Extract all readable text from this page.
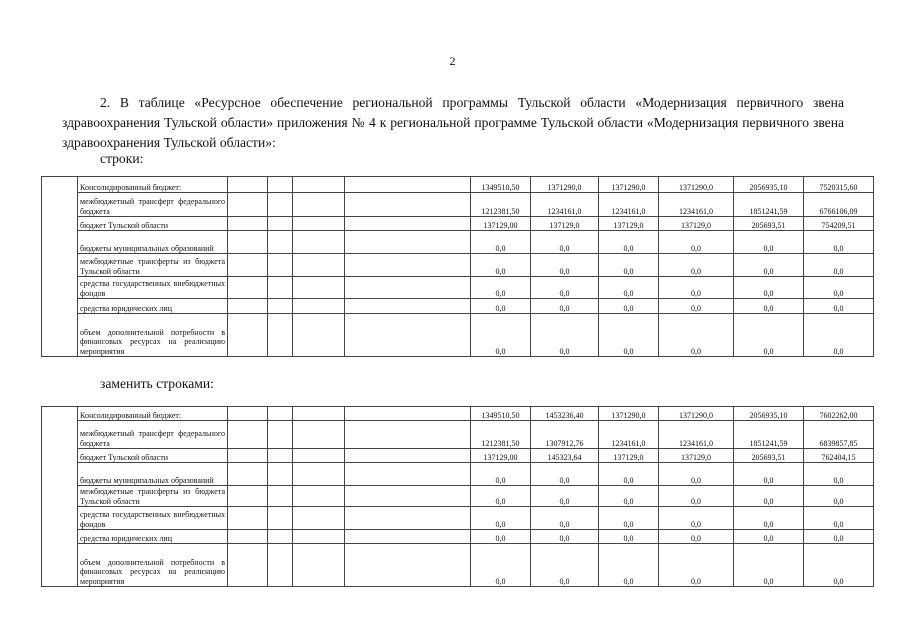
2

2. В таблице «Ресурсное обеспечение региональной программы Тульской области «Модернизация первичного звена здравоохранения Тульской области» приложения № 4 к региональной программе Тульской области «Модернизация первичного звена здравоохранения Тульской области»:

строки:
	Консолидированный бюджет:					1349510,50	1371290,0	1371290,0	1371290,0	2056935,10	7520315,60
	межбюджетный трансферт федерального бюджета					1212381,50	1234161,0	1234161,0	1234161,0	1851241,59	6766106,09
	бюджет Тульской области					137129,00	137129,0	137129,0	137129,0	205693,51	754209,51
	бюджеты муниципальных образований					0,0	0,0	0,0	0,0	0,0	0,0
	межбюджетные трансферты из бюджета Тульской области					0,0	0,0	0,0	0,0	0,0	0,0
	средства государственных внебюджетных фондов					0,0	0,0	0,0	0,0	0,0	0,0
	средства юридических лиц					0,0	0,0	0,0	0,0	0,0	0,0
	объем дополнительной потребности в финансовых ресурсах на реализацию мероприятия					0,0	0,0	0,0	0,0	0,0	0,0
заменить строками:
	Консолидированный бюджет:					1349510,50	1453236,40	1371290,0	1371290,0	2056935,10	7602262,00
	межбюджетный трансферт федерального бюджета					1212381,50	1307912,76	1234161,0	1234161,0	1851241,59	6839857,85
	бюджет Тульской области					137129,00	145323,64	137129,0	137129,0	205693,51	762404,15
	бюджеты муниципальных образований					0,0	0,0	0,0	0,0	0,0	0,0
	межбюджетные трансферты из бюджета Тульской области					0,0	0,0	0,0	0,0	0,0	0,0
	средства государственных внебюджетных фондов					0,0	0,0	0,0	0,0	0,0	0,0
	средства юридических лиц					0,0	0,0	0,0	0,0	0,0	0,0
	объем дополнительной потребности в финансовых ресурсах на реализацию мероприятия					0,0	0,0	0,0	0,0	0,0	0,0
